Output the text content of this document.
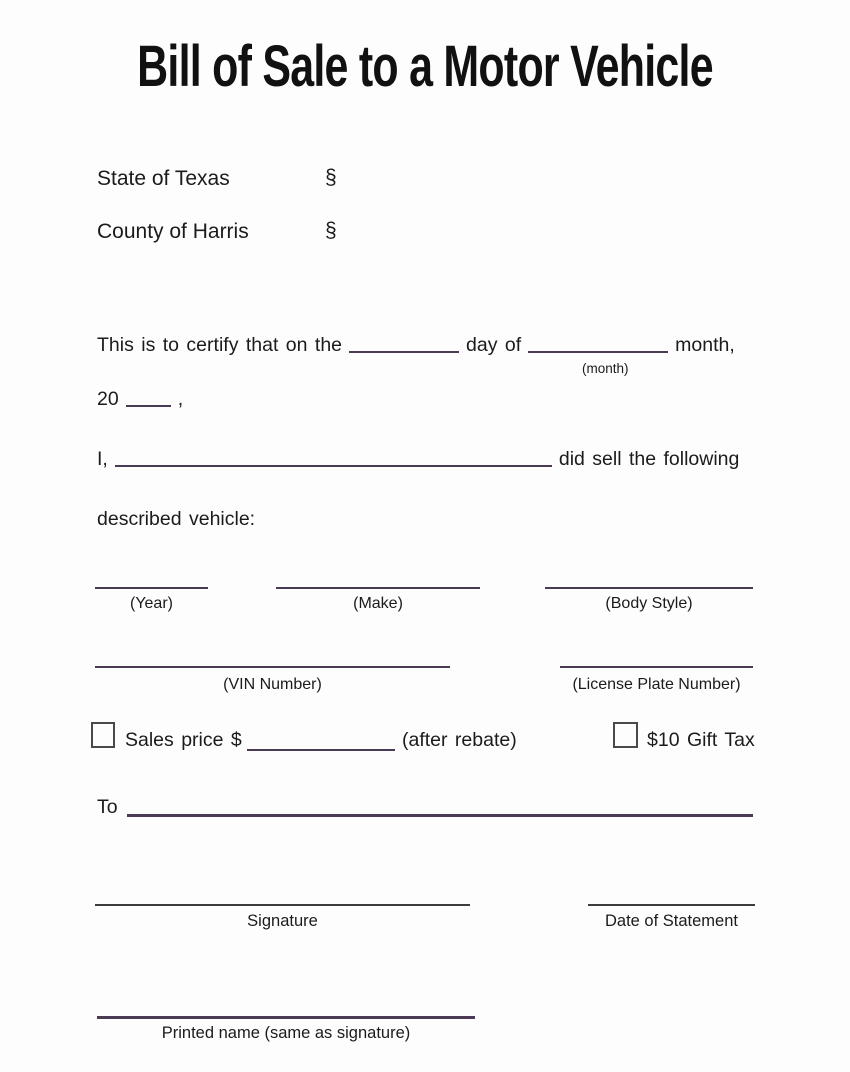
Bill of Sale to a Motor Vehicle
State of Texas	§
County of Harris	§
This is to certify that on the	day of	month,
(month)
20	,
I,	did sell the following
described vehicle:
(Year)	(Make)	(Body Style)
(VIN Number)	(License Plate Number)
Sales price $	(after rebate)	$10 Gift Tax
To
Signature	Date of Statement
Printed name (same as signature)
